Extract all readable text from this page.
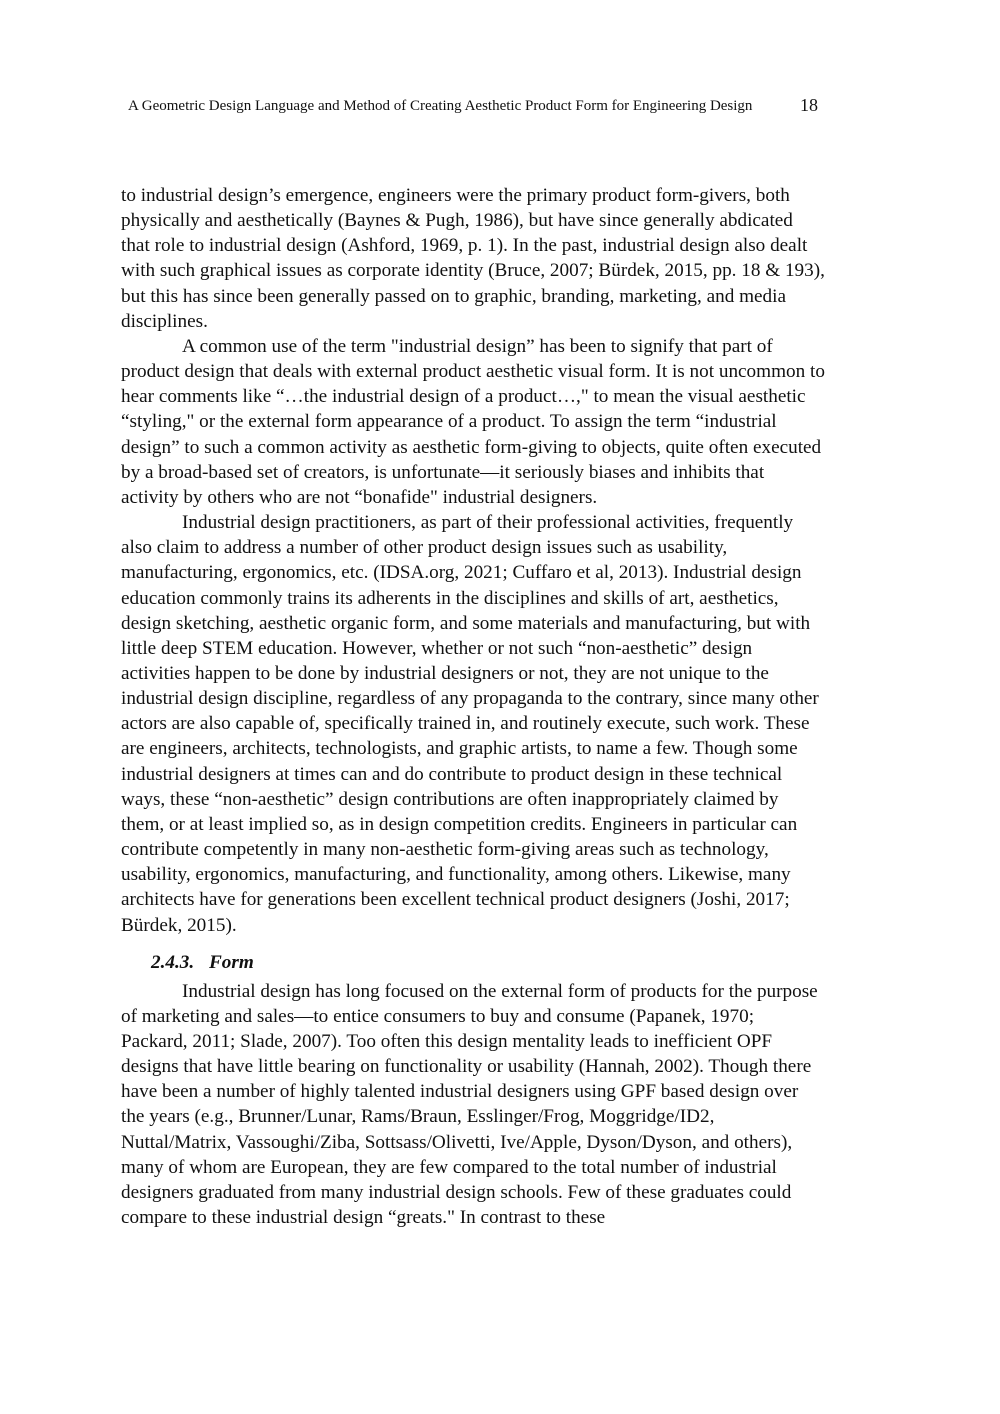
A Geometric Design Language and Method of Creating Aesthetic Product Form for Engineering Design	18

to industrial design’s emergence, engineers were the primary product form-givers, both physically and aesthetically (Baynes & Pugh, 1986), but have since generally abdicated that role to industrial design (Ashford, 1969, p. 1). In the past, industrial design also dealt with such graphical issues as corporate identity (Bruce, 2007; Bürdek, 2015, pp. 18 & 193), but this has since been generally passed on to graphic, branding, marketing, and media disciplines.

A common use of the term "industrial design” has been to signify that part of product design that deals with external product aesthetic visual form. It is not uncommon to hear comments like “…the industrial design of a product…," to mean the visual aesthetic “styling," or the external form appearance of a product. To assign the term “industrial design” to such a common activity as aesthetic form-giving to objects, quite often executed by a broad-based set of creators, is unfortunate—it seriously biases and inhibits that activity by others who are not “bonafide" industrial designers.

Industrial design practitioners, as part of their professional activities, frequently also claim to address a number of other product design issues such as usability, manufacturing, ergonomics, etc. (IDSA.org, 2021; Cuffaro et al, 2013). Industrial design education commonly trains its adherents in the disciplines and skills of art, aesthetics, design sketching, aesthetic organic form, and some materials and manufacturing, but with little deep STEM education. However, whether or not such “non-aesthetic” design activities happen to be done by industrial designers or not, they are not unique to the industrial design discipline, regardless of any propaganda to the contrary, since many other actors are also capable of, specifically trained in, and routinely execute, such work. These are engineers, architects, technologists, and graphic artists, to name a few. Though some industrial designers at times can and do contribute to product design in these technical ways, these “non-aesthetic” design contributions are often inappropriately claimed by them, or at least implied so, as in design competition credits. Engineers in particular can contribute competently in many non-aesthetic form-giving areas such as technology, usability, ergonomics, manufacturing, and functionality, among others. Likewise, many architects have for generations been excellent technical product designers (Joshi, 2017; Bürdek, 2015).

2.4.3. Form

Industrial design has long focused on the external form of products for the purpose of marketing and sales—to entice consumers to buy and consume (Papanek, 1970; Packard, 2011; Slade, 2007). Too often this design mentality leads to inefficient OPF designs that have little bearing on functionality or usability (Hannah, 2002). Though there have been a number of highly talented industrial designers using GPF based design over the years (e.g., Brunner/Lunar, Rams/Braun, Esslinger/Frog, Moggridge/ID2, Nuttal/Matrix, Vassoughi/Ziba, Sottsass/Olivetti, Ive/Apple, Dyson/Dyson, and others), many of whom are European, they are few compared to the total number of industrial designers graduated from many industrial design schools. Few of these graduates could compare to these industrial design “greats." In contrast to these
